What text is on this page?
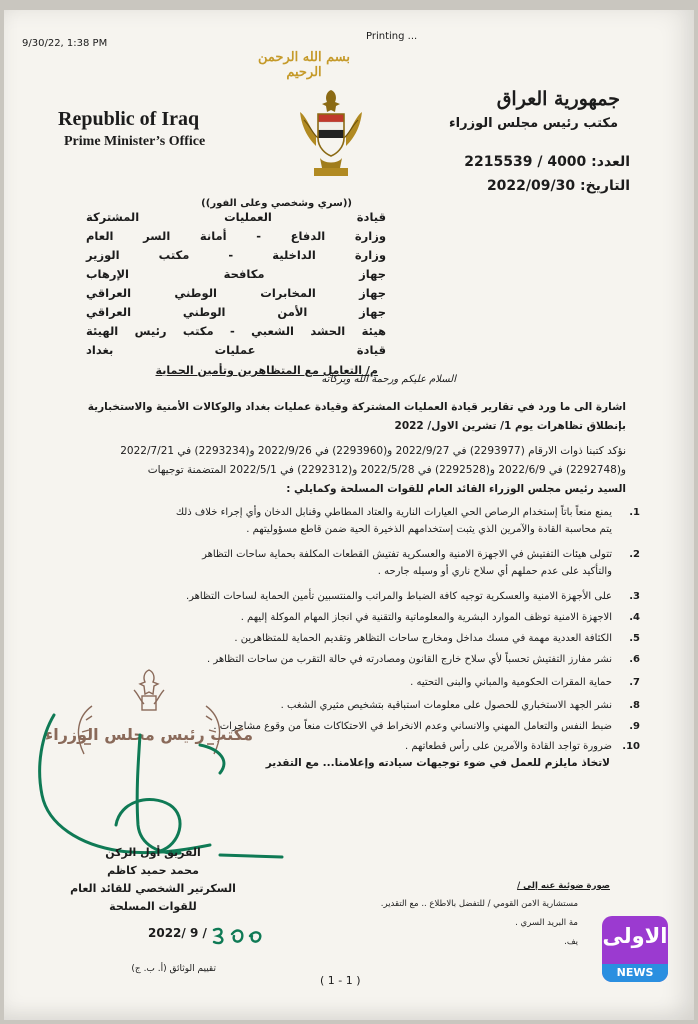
9/30/22, 1:38 PM
Printing ...
بسم الله الرحمن الرحيم
Republic of Iraq
Prime Minister’s Office
جمهورية العراق
مكتب رئيس مجلس الوزراء
العدد: 4000 / 2215539
التاريخ: 2022/09/30
((سري وشخصي وعلى الفور))
قيادة العمليات المشتركة
وزارة الدفاع - أمانة السر العام
وزارة الداخلية - مكتب الوزير
جهاز مكافحة الإرهاب
جهاز المخابرات الوطني العراقي
جهاز الأمن الوطني العراقي
هيئة الحشد الشعبي - مكتب رئيس الهيئة
قيادة عمليات بغداد
م/ التعامل مع المتظاهرين وتأمين الحماية
السلام عليكم ورحمة الله وبركاته
اشارة الى ما ورد في تقارير قيادة العمليات المشتركة وقيادة عمليات بغداد والوكالات الأمنية والاستخبارية
بإنطلاق تظاهرات يوم 1/ تشرين الاول/ 2022
نؤكد كتبنا ذوات الارقام (2293977) في 2022/9/27 و(2293960) في 2022/9/26 و(2293234) في 2022/7/21
و(2292748) في 2022/6/9 و(2292528) في 2022/5/28 و(2292312) في 2022/5/1 المتضمنة توجيهات
السيد رئيس مجلس الوزراء القائد العام للقوات المسلحة وكمايلي :
1.
يمنع منعاً باتاً إستخدام الرصاص الحي العيارات النارية والعتاد المطاطي وقنابل الدخان وأي إجراء خلاف ذلك
يتم محاسبة القادة والآمرين الذي يثبت إستخدامهم الذخيرة الحية ضمن قاطع مسؤوليتهم .
2.
تتولى هيئات التفتيش في الاجهزة الامنية والعسكرية تفتيش القطعات المكلفة بحماية ساحات التظاهر
والتأكيد على عدم حملهم أي سلاح ناري أو وسيله جارحه .
3.
على الأجهزة الامنية والعسكرية توجيه كافة الضباط والمراتب والمنتسبين تأمين الحماية لساحات التظاهر.
4.
الاجهزة الامنية توظف الموارد البشرية والمعلوماتية والتقنية في انجاز المهام الموكلة إليهم .
5.
الكثافة العددية مهمة في مسك مداخل ومخارج ساحات التظاهر وتقديم الحماية للمتظاهرين .
6.
نشر مفارز التفتيش تحسباً لأي سلاح خارج القانون ومصادرته في حالة التقرب من ساحات التظاهر .
7.
حماية المقرات الحكومية والمباني والبنى التحتيه .
8.
نشر الجهد الاستخباري للحصول على معلومات استباقية بتشخيص مثيري الشغب .
9.
ضبط النفس والتعامل المهني والانساني وعدم الانخراط في الاحتكاكات منعاً من وقوع مشاجرات .
10.
ضرورة تواجد القادة والآمرين على رأس قطعاتهم .
لاتخاذ مايلزم للعمل في ضوء توجيهات سيادته وإعلامنا... مع التقدير
مكتب رئيس مجلس الوزراء
الفريق أول الركن
محمد حميد كاظم
السكرتير الشخصي للقائد العام
للقوات المسلحة
2022/ 9 /
تقييم الوثائق (أ. ب. ج)
( 1 - 1 )
صورة ضوئية عنه إلى /
مستشارية الامن القومي / للتفضل بالاطلاع .. مع التقدير.
مة البريد السري .
يف. الاولى
NEWS
